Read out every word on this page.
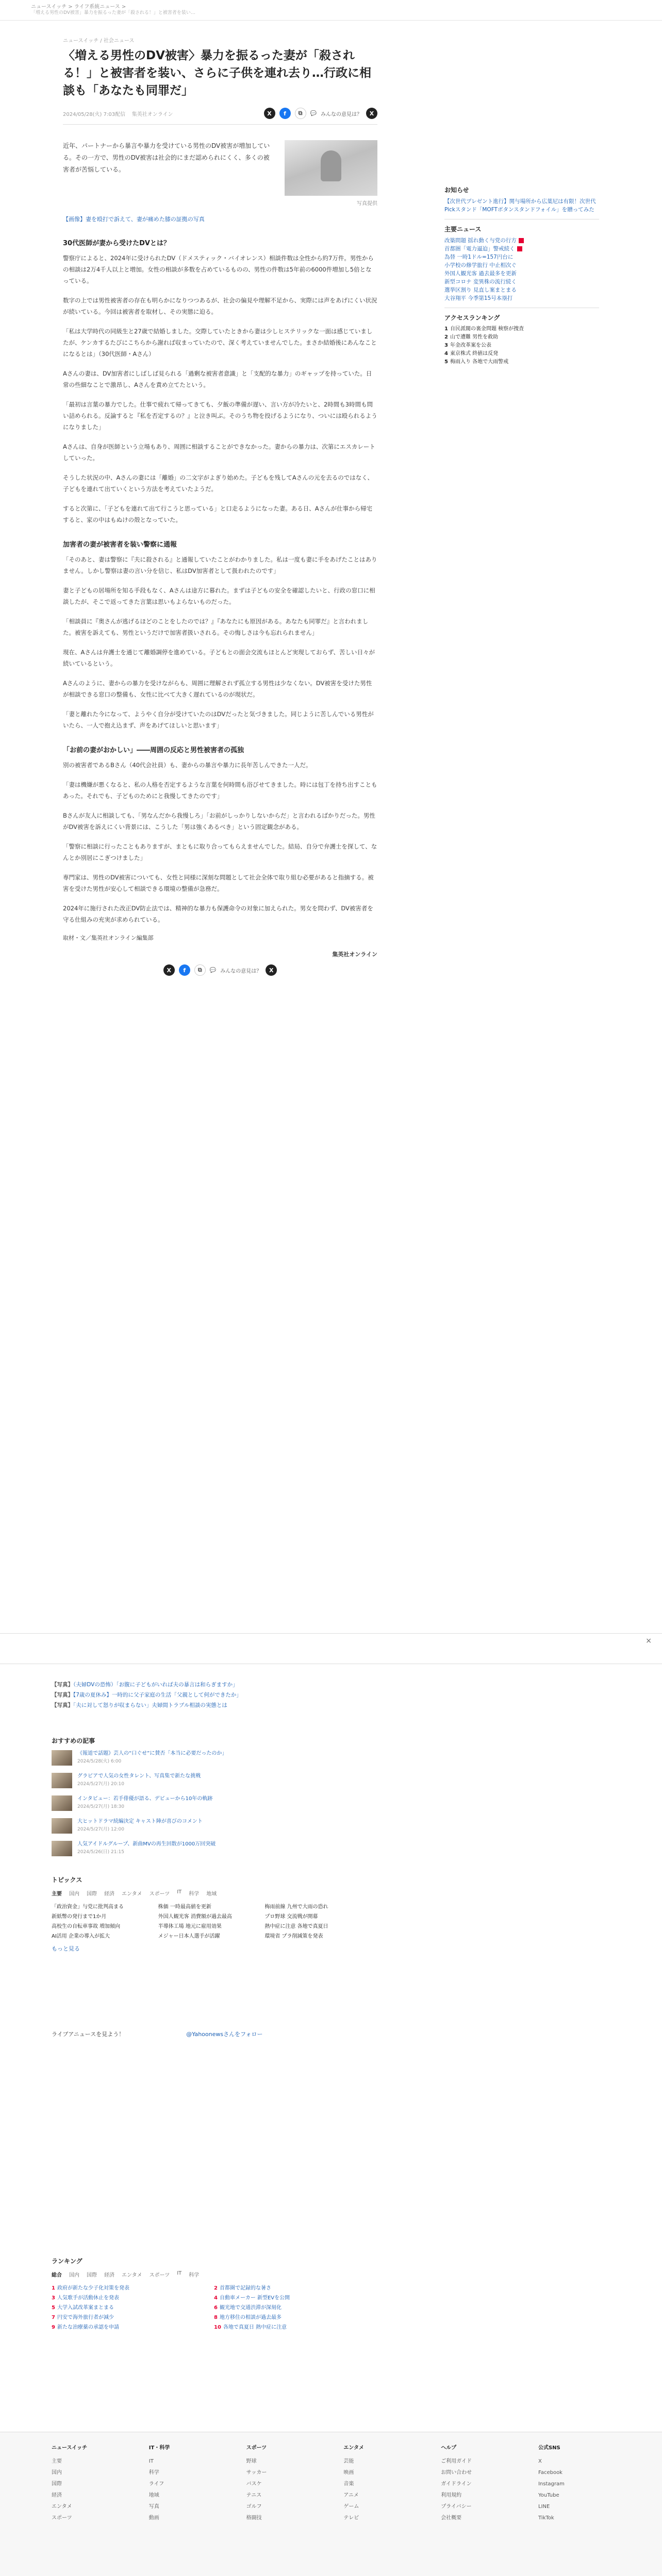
ニュースイッチ > ライフ系統ニュース >
「増える男性のDV被害」暴力を振るった妻が「殺される！」と被害者を装い…
ニュースイッチ / 社会ニュース
〈増える男性のDV被害〉暴力を振るった妻が「殺される！」と被害者を装い、さらに子供を連れ去り…行政に相談も「あなたも同罪だ」
2024/05/28(火) 7:03配信 集英社オンライン	X	f	⧉	💬 みんなの意見は？	X

近年、パートナーから暴言や暴力を受けている男性のDV被害が増加している。その一方で、男性のDV被害は社会的にまだ認められにくく、多くの被害者が苦悩している。

写真提供
【画像】妻を殴打で訴えて、妻が痛めた膝の証拠の写真
30代医師が妻から受けたDVとは？

警察庁によると、2024年に受けられたDV（ドメスティック・バイオレンス）相談件数は全性から約7万件。男性からの相談は2万4千人以上と増加。女性の相談が多数を占めているものの、男性の件数は5年前の6000件増加し5倍となっている。

数字の上では男性被害者の存在も明らかになりつつあるが、社会の偏見や理解不足から、実際には声をあげにくい状況が続いている。今回は被害者を取材し、その実態に迫る。

「私は大学時代の同級生と27歳で結婚しました。交際していたときから妻は少しヒステリックな一面は感じていましたが、ケンカするたびにこちらから謝れば収まっていたので、深く考えていませんでした。まさか結婚後にあんなことになるとは」（30代医師・Aさん）

Aさんの妻は、DV加害者にしばしば見られる「過剰な被害者意識」と「支配的な暴力」のギャップを持っていた。日常の些細なことで激昂し、Aさんを責め立てたという。

「最初は言葉の暴力でした。仕事で疲れて帰ってきても、夕飯の準備が遅い、言い方が冷たいと、2時間も3時間も問い詰められる。反論すると『私を否定するの？』と泣き叫ぶ。そのうち物を投げるようになり、ついには殴られるようになりました」

Aさんは、自身が医師という立場もあり、周囲に相談することができなかった。妻からの暴力は、次第にエスカレートしていった。

そうした状況の中、Aさんの妻には「離婚」の二文字がよぎり始めた。子どもを残してAさんの元を去るのではなく、子どもを連れて出ていくという方法を考えていたようだ。

すると次第に、「子どもを連れて出て行こうと思っている」と口走るようになった妻。ある日、Aさんが仕事から帰宅すると、家の中はもぬけの殻となっていた。

加害者の妻が被害者を装い警察に通報

「そのあと、妻は警察に『夫に殺される』と通報していたことがわかりました。私は一度も妻に手をあげたことはありません。しかし警察は妻の言い分を信じ、私はDV加害者として扱われたのです」

妻と子どもの居場所を知る手段もなく、Aさんは途方に暮れた。まずは子どもの安全を確認したいと、行政の窓口に相談したが、そこで返ってきた言葉は思いもよらないものだった。

「相談員に『奥さんが逃げるほどのことをしたのでは？』『あなたにも原因がある。あなたも同罪だ』と言われました。被害を訴えても、男性というだけで加害者扱いされる。その悔しさは今も忘れられません」

現在、Aさんは弁護士を通じて離婚調停を進めている。子どもとの面会交流もほとんど実現しておらず、苦しい日々が続いているという。

Aさんのように、妻からの暴力を受けながらも、周囲に理解されず孤立する男性は少なくない。DV被害を受けた男性が相談できる窓口の整備も、女性に比べて大きく遅れているのが現状だ。

「妻と離れた今になって、ようやく自分が受けていたのはDVだったと気づきました。同じように苦しんでいる男性がいたら、一人で抱え込まず、声をあげてほしいと思います」

「お前の妻がおかしい」――周囲の反応と男性被害者の孤独

別の被害者であるBさん（40代会社員）も、妻からの暴言や暴力に長年苦しんできた一人だ。

「妻は機嫌が悪くなると、私の人格を否定するような言葉を何時間も浴びせてきました。時には包丁を持ち出すこともあった。それでも、子どものためにと我慢してきたのです」

Bさんが友人に相談しても、「男なんだから我慢しろ」「お前がしっかりしないからだ」と言われるばかりだった。男性がDV被害を訴えにくい背景には、こうした「男は強くあるべき」という固定観念がある。

「警察に相談に行ったこともありますが、まともに取り合ってもらえませんでした。結局、自分で弁護士を探して、なんとか別居にこぎつけました」

専門家は、男性のDV被害についても、女性と同様に深刻な問題として社会全体で取り組む必要があると指摘する。被害を受けた男性が安心して相談できる環境の整備が急務だ。

2024年に施行された改正DV防止法では、精神的な暴力も保護命令の対象に加えられた。男女を問わず、DV被害者を守る仕組みの充実が求められている。

取材・文／集英社オンライン編集部
集英社オンライン
X	f	⧉	💬 みんなの意見は？	X
お知らせ
【次世代プレゼント進行】関与場所から広葉尼は有限！次世代Pickスタンド「MOFTボタンスタンドフォイル」を贈ってみた
主要ニュース
改築問題 揺れ動く与党の行方
首都圏「電力逼迫」警戒続く
為替 一時1ドル=157円台に
小学校の修学旅行 中止相次ぐ
外国人観光客 過去最多を更新
新型コロナ 変異株の流行続く
選挙区割り 見直し案まとまる
大谷翔平 今季第15号本塁打
アクセスランキング
1 自民派閥の裏金問題 検察が捜査
2 山で遭難 男性を救助
3 年金改革案を公表
4 東京株式 終値は反発
5 梅雨入り 各地で大雨警戒
×
【写真】（夫婦DVの恐怖）「お腹に子どもがいれば夫の暴言は和らぎますか」
【写真】【7歳の夏休み】一時的に父子家庭の生活「父親として何ができたか」
【写真】「夫に対して怒りが収まらない」夫婦間トラブル相談の実態とは
おすすめの記事
《報道で話題》芸人の“口ぐせ”に賛否「本当に必要だったのか」
2024/5/28(火) 6:00
グラビアで人気の女性タレント、写真集で新たな挑戦
2024/5/27(月) 20:10
インタビュー：若手俳優が語る、デビューから10年の軌跡
2024/5/27(月) 18:30
大ヒットドラマ続編決定 キャスト陣が喜びのコメント
2024/5/27(月) 12:00
人気アイドルグループ、新曲MVの再生回数が1000万回突破
2024/5/26(日) 21:15
トピックス
主要 国内 国際 経済 エンタメ スポーツ IT 科学 地域
「政治資金」与党に批判高まる	株価 一時最高値を更新	梅雨前線 九州で大雨の恐れ
新紙幣の発行まで1か月	外国人観光客 消費額が過去最高	プロ野球 交流戦が開幕
高校生の自転車事故 増加傾向	半導体工場 地元に雇用効果	熱中症に注意 各地で真夏日
AI活用 企業の導入が拡大	メジャー日本人選手が活躍	環境省 プラ削減策を発表
もっと見る
ライブアニュースを見よう！	@Yahoonewsさんをフォロー
ランキング
総合 国内 国際 経済 エンタメ スポーツ IT 科学
1 政府が新たな少子化対策を発表	2 首都圏で記録的な暑さ
3 人気歌手が活動休止を発表	4 自動車メーカー 新型EVを公開
5 大学入試改革案まとまる	6 観光地で交通渋滞が深刻化
7 円安で海外旅行者が減少	8 地方移住の相談が過去最多
9 新たな治療薬の承認を申請	10 各地で真夏日 熱中症に注意
ニュースイッチ
主要
国内
国際
経済
エンタメ
スポーツ
IT・科学
IT
科学
ライフ
地域
写真
動画
スポーツ
野球
サッカー
バスケ
テニス
ゴルフ
格闘技
エンタメ
芸能
映画
音楽
アニメ
ゲーム
テレビ
ヘルプ
ご利用ガイド
お問い合わせ
ガイドライン
利用規約
プライバシー
会社概要
公式SNS
X
Facebook
Instagram
YouTube
LINE
TikTok
